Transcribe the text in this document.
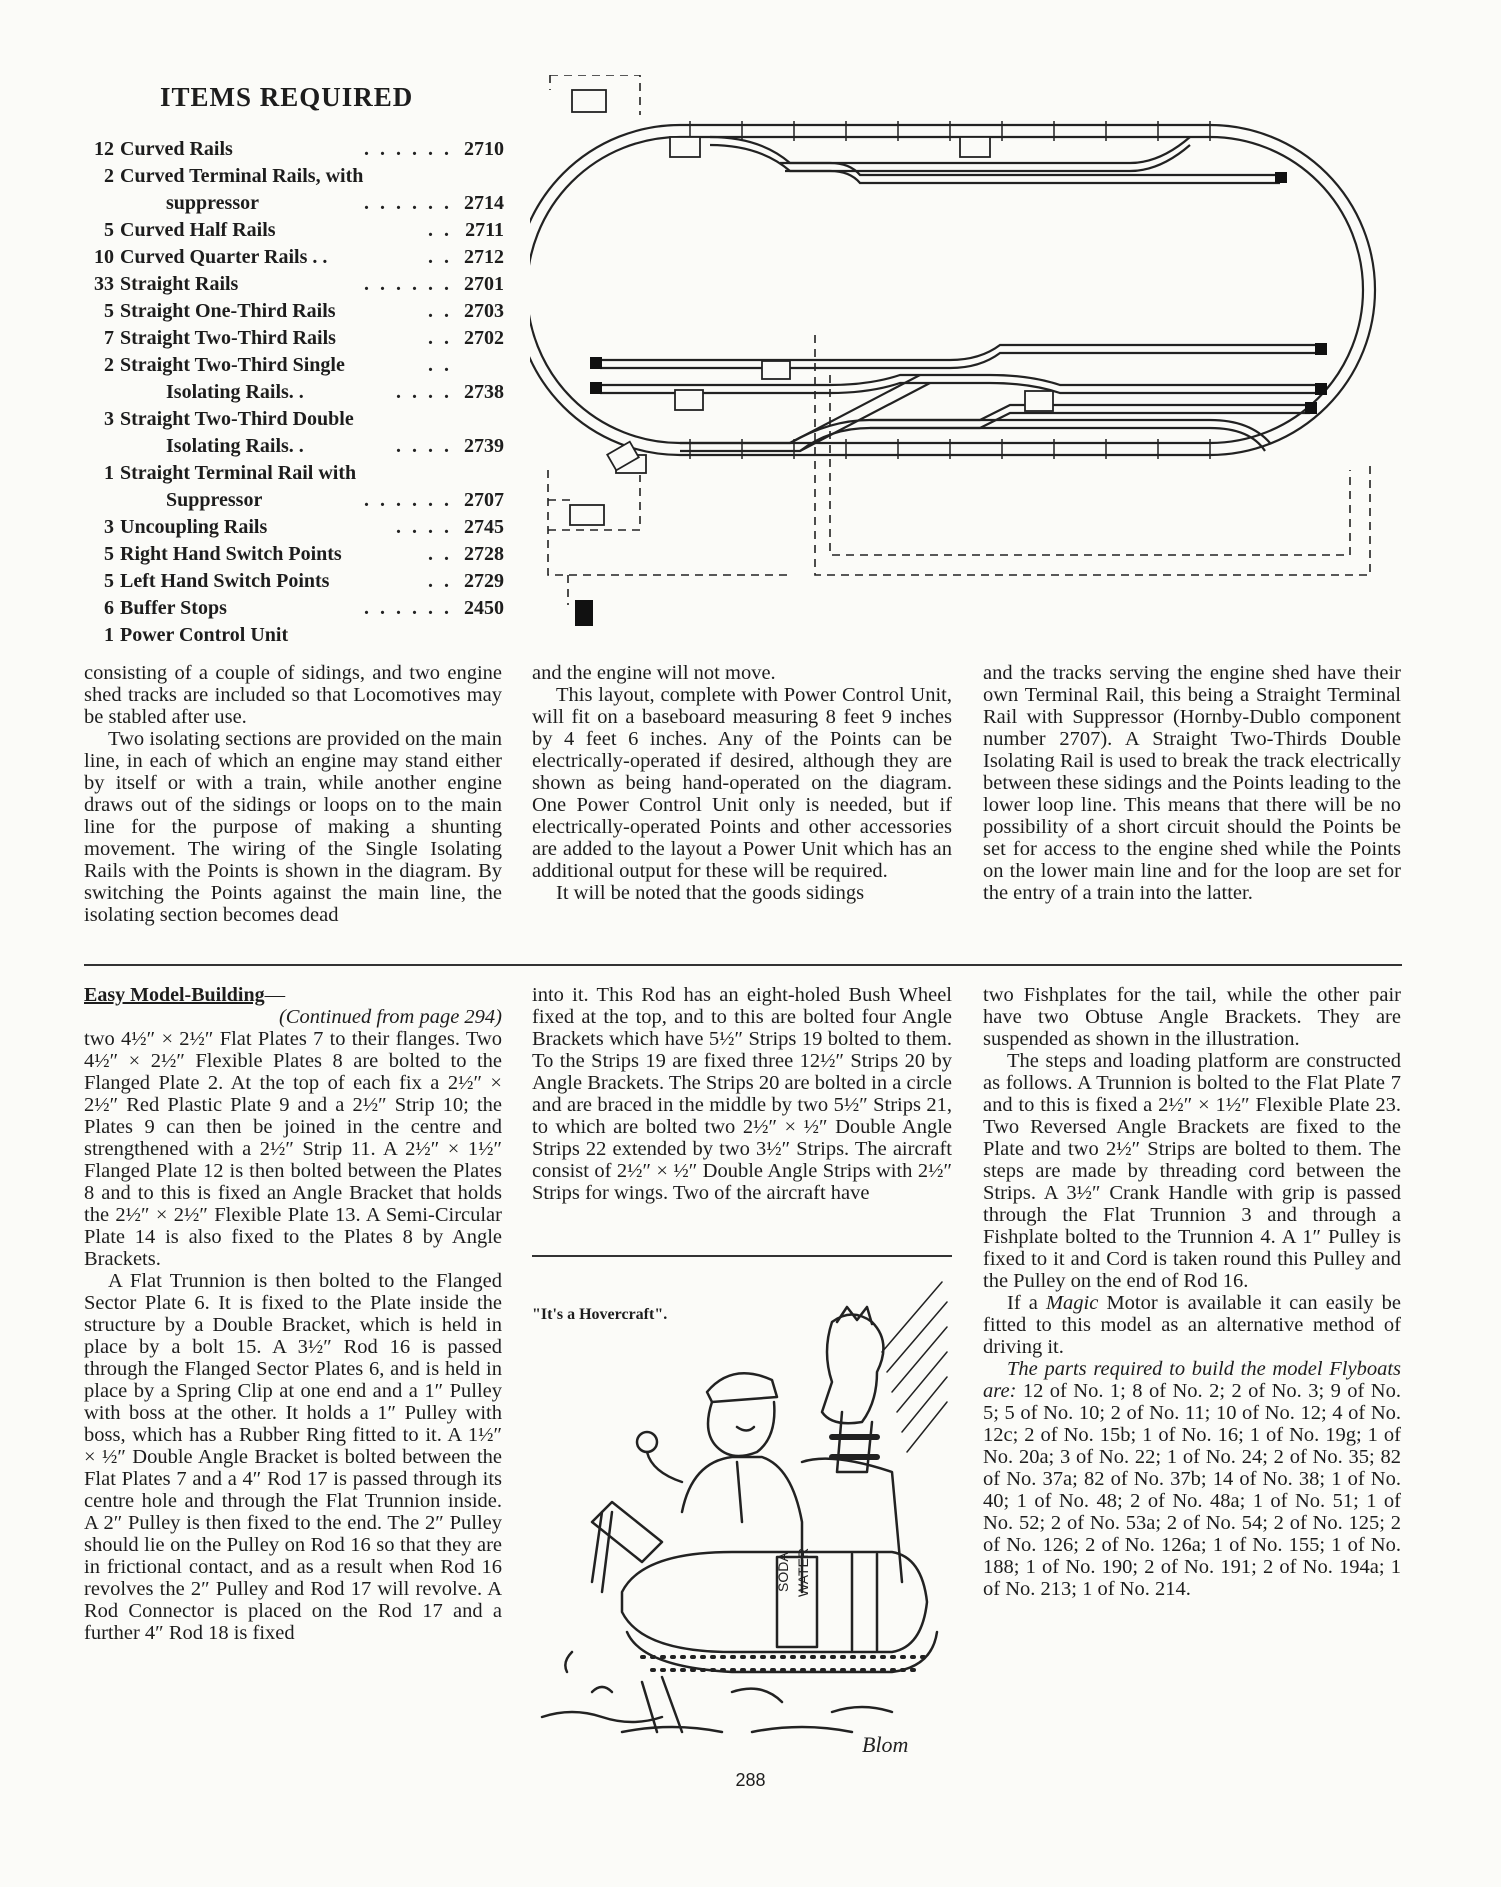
ITEMS REQUIRED
12 Curved Rails	. . . . . . 2710
2 Curved Terminal Rails, with
suppressor	. . . . . . 2714
5 Curved Half Rails	. . 2711
10 Curved Quarter Rails . .	. . 2712
33 Straight Rails	. . . . . . 2701
5 Straight One-Third Rails	. . 2703
7 Straight Two-Third Rails	. . 2702
2 Straight Two-Third Single	. .
Isolating Rails. .	. . . . 2738
3 Straight Two-Third Double
Isolating Rails. .	. . . . 2739
1 Straight Terminal Rail with
Suppressor	. . . . . . 2707
3 Uncoupling Rails	. . . . 2745
5 Right Hand Switch Points	. . 2728
5 Left Hand Switch Points	. . 2729
6 Buffer Stops	. . . . . . 2450
1 Power Control Unit

consisting of a couple of sidings, and two engine shed tracks are included so that Locomotives may be stabled after use.

Two isolating sections are provided on the main line, in each of which an engine may stand either by itself or with a train, while another engine draws out of the sidings or loops on to the main line for the purpose of making a shunting movement. The wiring of the Single Isolating Rails with the Points is shown in the diagram. By switching the Points against the main line, the isolating section becomes dead

and the engine will not move.

This layout, complete with Power Control Unit, will fit on a baseboard measuring 8 feet 9 inches by 4 feet 6 inches. Any of the Points can be electrically-operated if desired, although they are shown as being hand-operated on the diagram. One Power Control Unit only is needed, but if electrically-operated Points and other accessories are added to the layout a Power Unit which has an additional output for these will be required.

It will be noted that the goods sidings

and the tracks serving the engine shed have their own Terminal Rail, this being a Straight Terminal Rail with Suppressor (Hornby-Dublo component number 2707). A Straight Two-Thirds Double Isolating Rail is used to break the track electrically between these sidings and the Points leading to the lower loop line. This means that there will be no possibility of a short circuit should the Points be set for access to the engine shed while the Points on the lower main line and for the loop are set for the entry of a train into the latter.

Easy Model-Building—
(Continued from page 294)

two 4½″ × 2½″ Flat Plates 7 to their flanges. Two 4½″ × 2½″ Flexible Plates 8 are bolted to the Flanged Plate 2. At the top of each fix a 2½″ × 2½″ Red Plastic Plate 9 and a 2½″ Strip 10; the Plates 9 can then be joined in the centre and strengthened with a 2½″ Strip 11. A 2½″ × 1½″ Flanged Plate 12 is then bolted between the Plates 8 and to this is fixed an Angle Bracket that holds the 2½″ × 2½″ Flexible Plate 13. A Semi-Circular Plate 14 is also fixed to the Plates 8 by Angle Brackets.

A Flat Trunnion is then bolted to the Flanged Sector Plate 6. It is fixed to the Plate inside the structure by a Double Bracket, which is held in place by a bolt 15. A 3½″ Rod 16 is passed through the Flanged Sector Plates 6, and is held in place by a Spring Clip at one end and a 1″ Pulley with boss at the other. It holds a 1″ Pulley with boss, which has a Rubber Ring fitted to it. A 1½″ × ½″ Double Angle Bracket is bolted between the Flat Plates 7 and a 4″ Rod 17 is passed through its centre hole and through the Flat Trunnion inside. A 2″ Pulley is then fixed to the end. The 2″ Pulley should lie on the Pulley on Rod 16 so that they are in frictional contact, and as a result when Rod 16 revolves the 2″ Pulley and Rod 17 will revolve. A Rod Connector is placed on the Rod 17 and a further 4″ Rod 18 is fixed

into it. This Rod has an eight-holed Bush Wheel fixed at the top, and to this are bolted four Angle Brackets which have 5½″ Strips 19 bolted to them. To the Strips 19 are fixed three 12½″ Strips 20 by Angle Brackets. The Strips 20 are bolted in a circle and are braced in the middle by two 5½″ Strips 21, to which are bolted two 2½″ × ½″ Double Angle Strips 22 extended by two 3½″ Strips. The aircraft consist of 2½″ × ½″ Double Angle Strips with 2½″ Strips for wings. Two of the aircraft have

two Fishplates for the tail, while the other pair have two Obtuse Angle Brackets. They are suspended as shown in the illustration.

The steps and loading platform are constructed as follows. A Trunnion is bolted to the Flat Plate 7 and to this is fixed a 2½″ × 1½″ Flexible Plate 23. Two Reversed Angle Brackets are fixed to the Plate and two 2½″ Strips are bolted to them. The steps are made by threading cord between the Strips. A 3½″ Crank Handle with grip is passed through the Flat Trunnion 3 and through a Fishplate bolted to the Trunnion 4. A 1″ Pulley is fixed to it and Cord is taken round this Pulley and the Pulley on the end of Rod 16.

If a Magic Motor is available it can easily be fitted to this model as an alternative method of driving it.

The parts required to build the model Flyboats are: 12 of No. 1; 8 of No. 2; 2 of No. 3; 9 of No. 5; 5 of No. 10; 2 of No. 11; 10 of No. 12; 4 of No. 12c; 2 of No. 15b; 1 of No. 16; 1 of No. 19g; 1 of No. 20a; 3 of No. 22; 1 of No. 24; 2 of No. 35; 82 of No. 37a; 82 of No. 37b; 14 of No. 38; 1 of No. 40; 1 of No. 48; 2 of No. 48a; 1 of No. 51; 1 of No. 52; 2 of No. 53a; 2 of No. 54; 2 of No. 125; 2 of No. 126; 2 of No. 126a; 1 of No. 155; 1 of No. 188; 1 of No. 190; 2 of No. 191; 2 of No. 194a; 1 of No. 213; 1 of No. 214.

SODA WATER
Blom
"It's a Hovercraft".
288
